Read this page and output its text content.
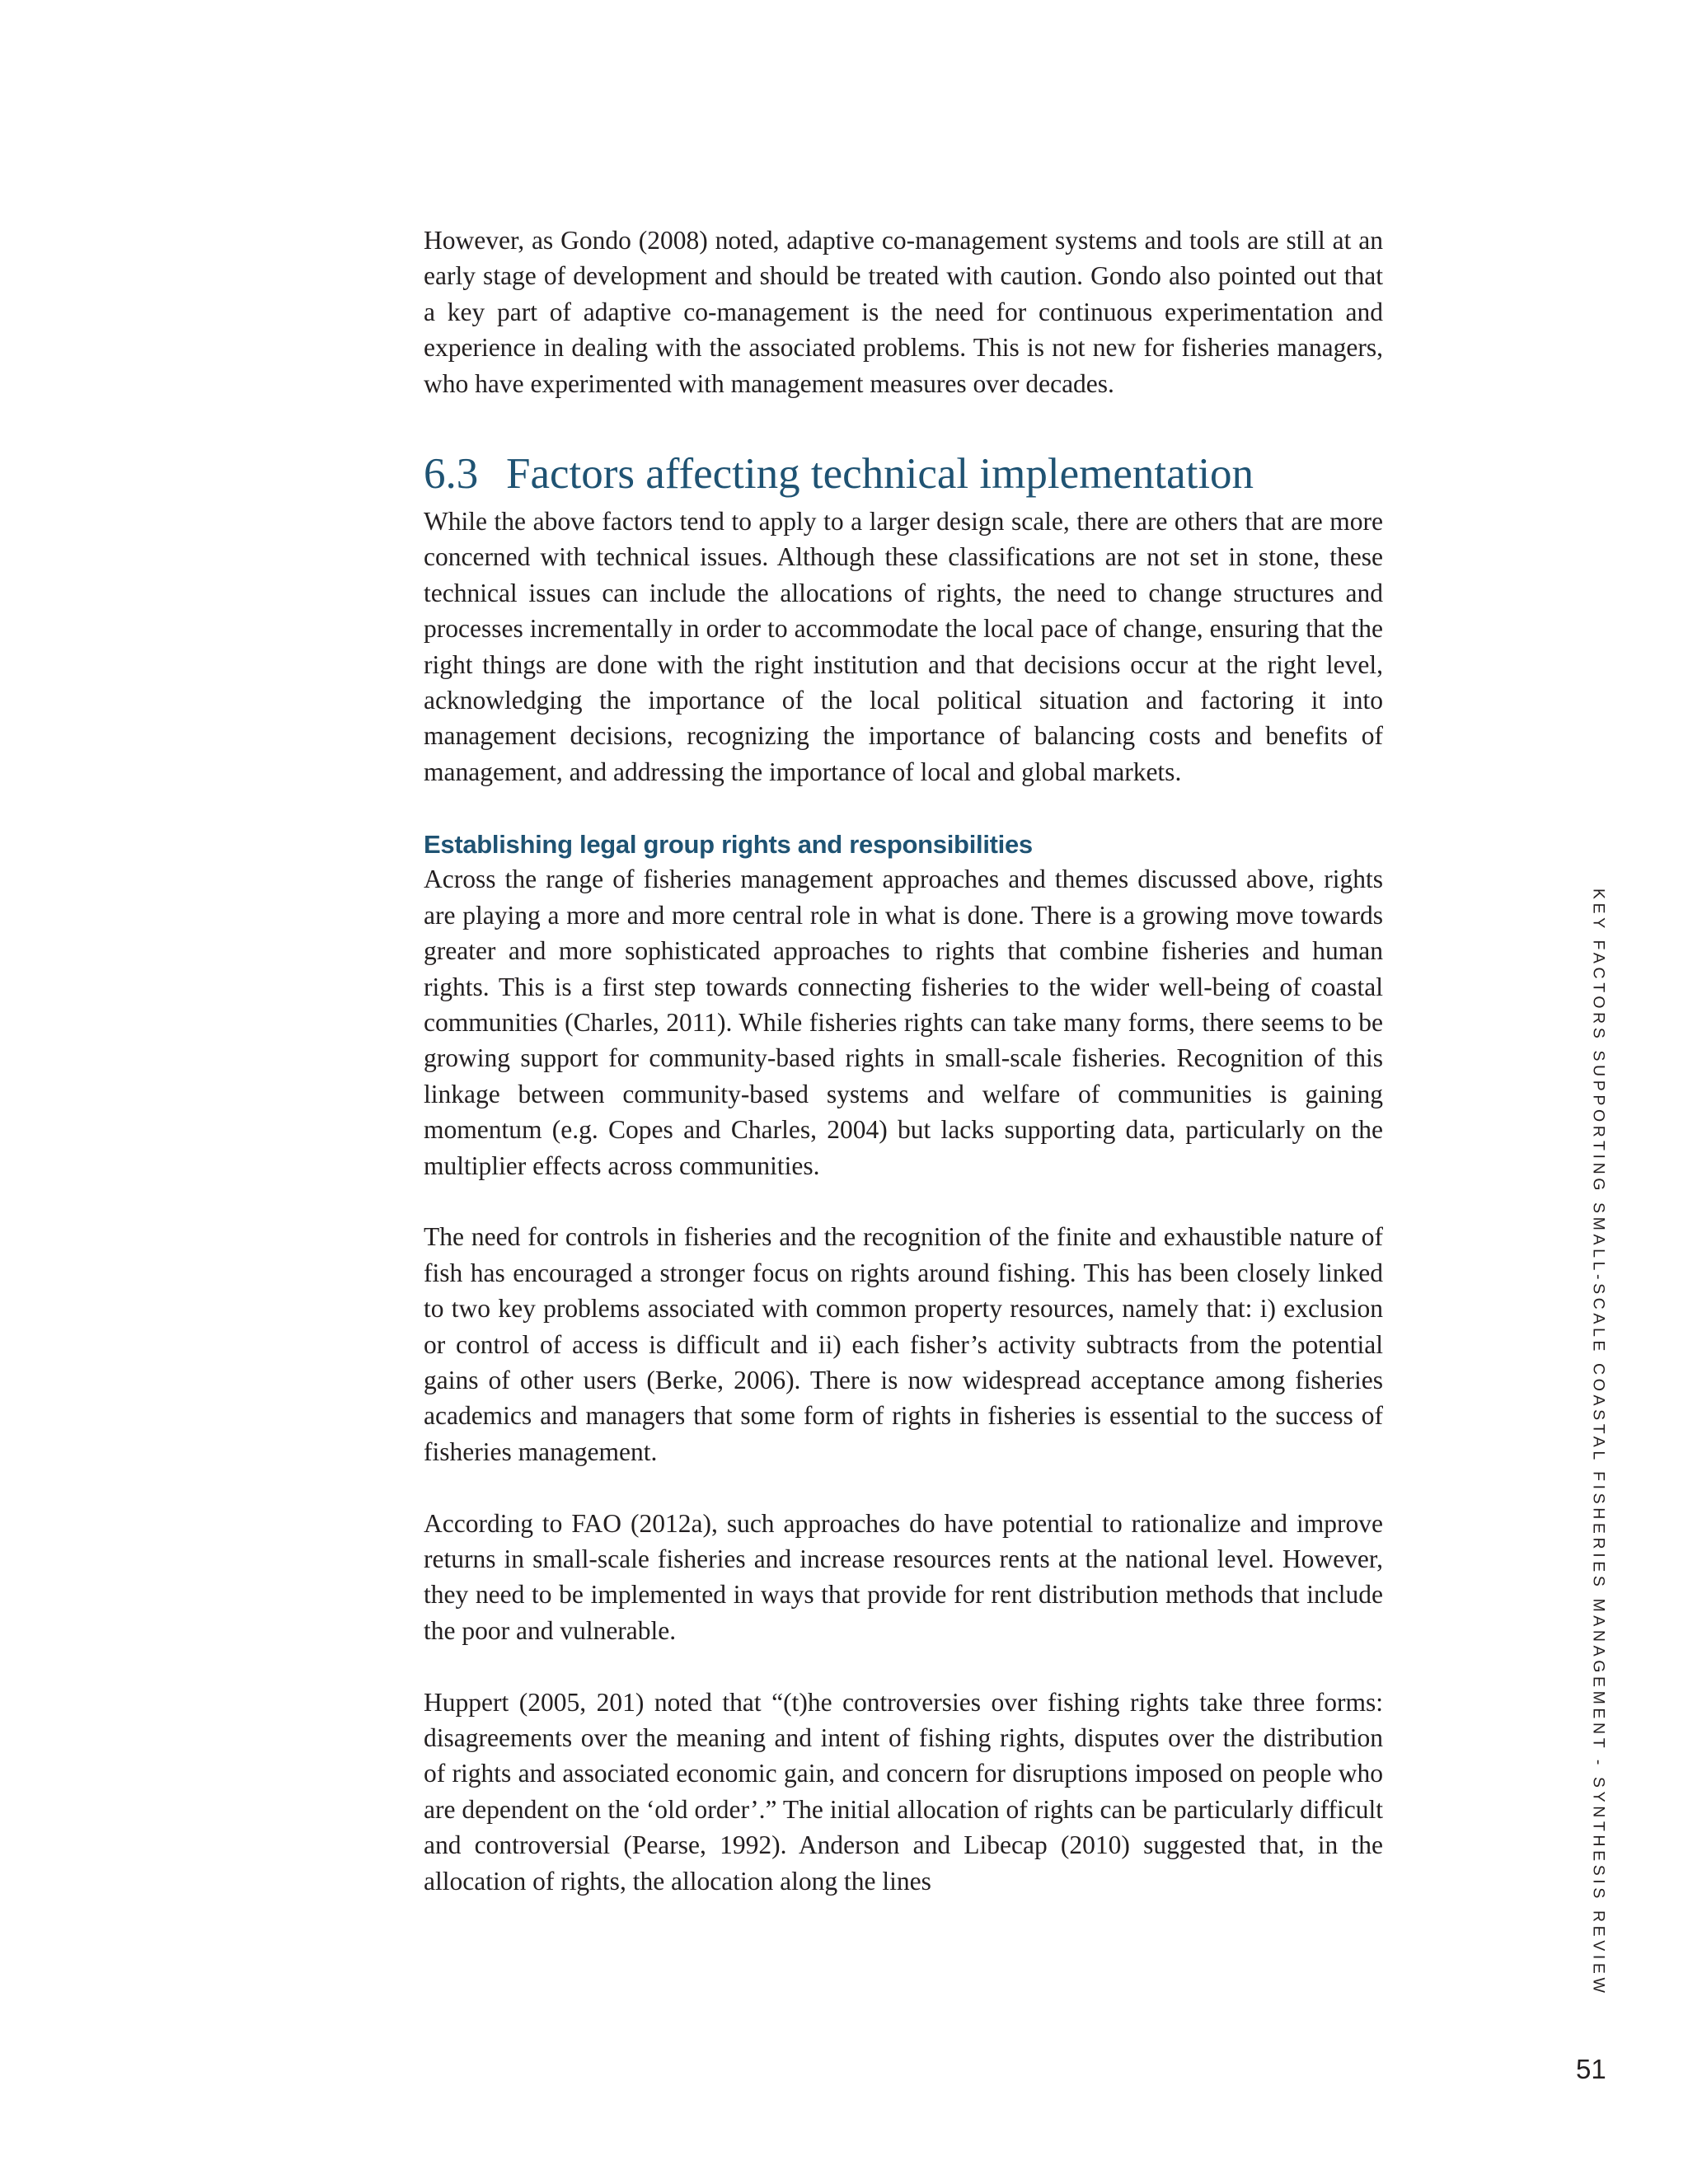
However, as Gondo (2008) noted, adaptive co-management systems and tools are still at an early stage of development and should be treated with caution. Gondo also pointed out that a key part of adaptive co-management is the need for continuous experimentation and experience in dealing with the associated problems. This is not new for fisheries managers, who have experimented with management measures over decades.

6.3 Factors affecting technical implementation

While the above factors tend to apply to a larger design scale, there are others that are more concerned with technical issues. Although these classifications are not set in stone, these technical issues can include the allocations of rights, the need to change structures and processes incrementally in order to accommodate the local pace of change, ensuring that the right things are done with the right institution and that decisions occur at the right level, acknowledging the importance of the local political situation and factoring it into management decisions, recognizing the importance of balancing costs and benefits of management, and addressing the importance of local and global markets.

Establishing legal group rights and responsibilities

Across the range of fisheries management approaches and themes discussed above, rights are playing a more and more central role in what is done. There is a growing move towards greater and more sophisticated approaches to rights that combine fisheries and human rights. This is a first step towards connecting fisheries to the wider well-being of coastal communities (Charles, 2011). While fisheries rights can take many forms, there seems to be growing support for community-based rights in small-scale fisheries. Recognition of this linkage between community-based systems and welfare of communities is gaining momentum (e.g. Copes and Charles, 2004) but lacks supporting data, particularly on the multiplier effects across communities.

The need for controls in fisheries and the recognition of the finite and exhaustible nature of fish has encouraged a stronger focus on rights around fishing. This has been closely linked to two key problems associated with common property resources, namely that: i) exclusion or control of access is difficult and ii) each fisher’s activity subtracts from the potential gains of other users (Berke, 2006). There is now widespread acceptance among fisheries academics and managers that some form of rights in fisheries is essential to the success of fisheries management.

According to FAO (2012a), such approaches do have potential to rationalize and improve returns in small-scale fisheries and increase resources rents at the national level. However, they need to be implemented in ways that provide for rent distribution methods that include the poor and vulnerable.

Huppert (2005, 201) noted that “(t)he controversies over fishing rights take three forms: disagreements over the meaning and intent of fishing rights, disputes over the distribution of rights and associated economic gain, and concern for disruptions imposed on people who are dependent on the ‘old order’.” The initial allocation of rights can be particularly difficult and controversial (Pearse, 1992). Anderson and Libecap (2010) suggested that, in the allocation of rights, the allocation along the lines	KEY FACTORS SUPPORTING SMALL-SCALE COASTAL FISHERIES MANAGEMENT - SYNTHESIS REVIEW
51
